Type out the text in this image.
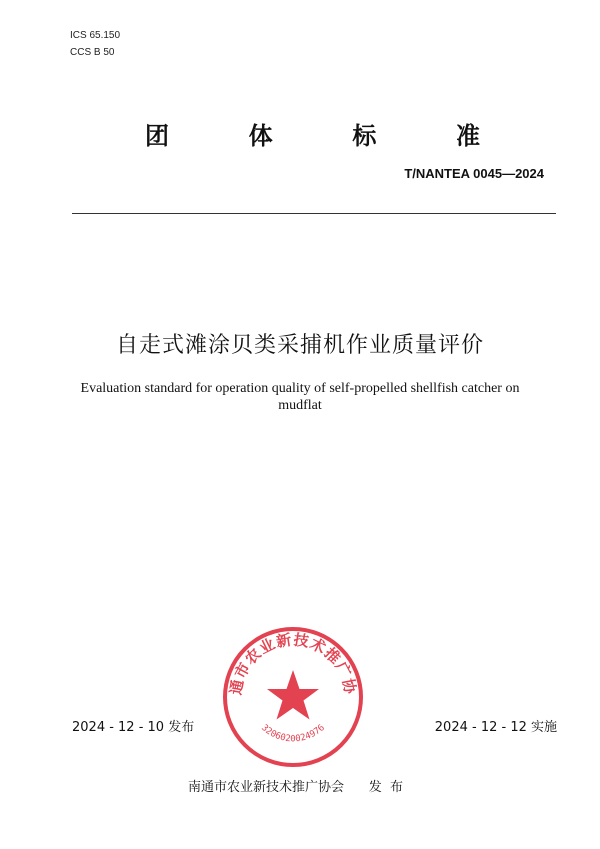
ICS 65.150
CCS B 50
团	体	标	准
T/NANTEA 0045—2024
自走式滩涂贝类采捕机作业质量评价
Evaluation standard for operation quality of self-propelled shellfish catcher on mudflat
通市农业新技术推广协
3206020024976
2024 - 12 - 10 发布	2024 - 12 - 12 实施
南通市农业新技术推广协会      发  布
